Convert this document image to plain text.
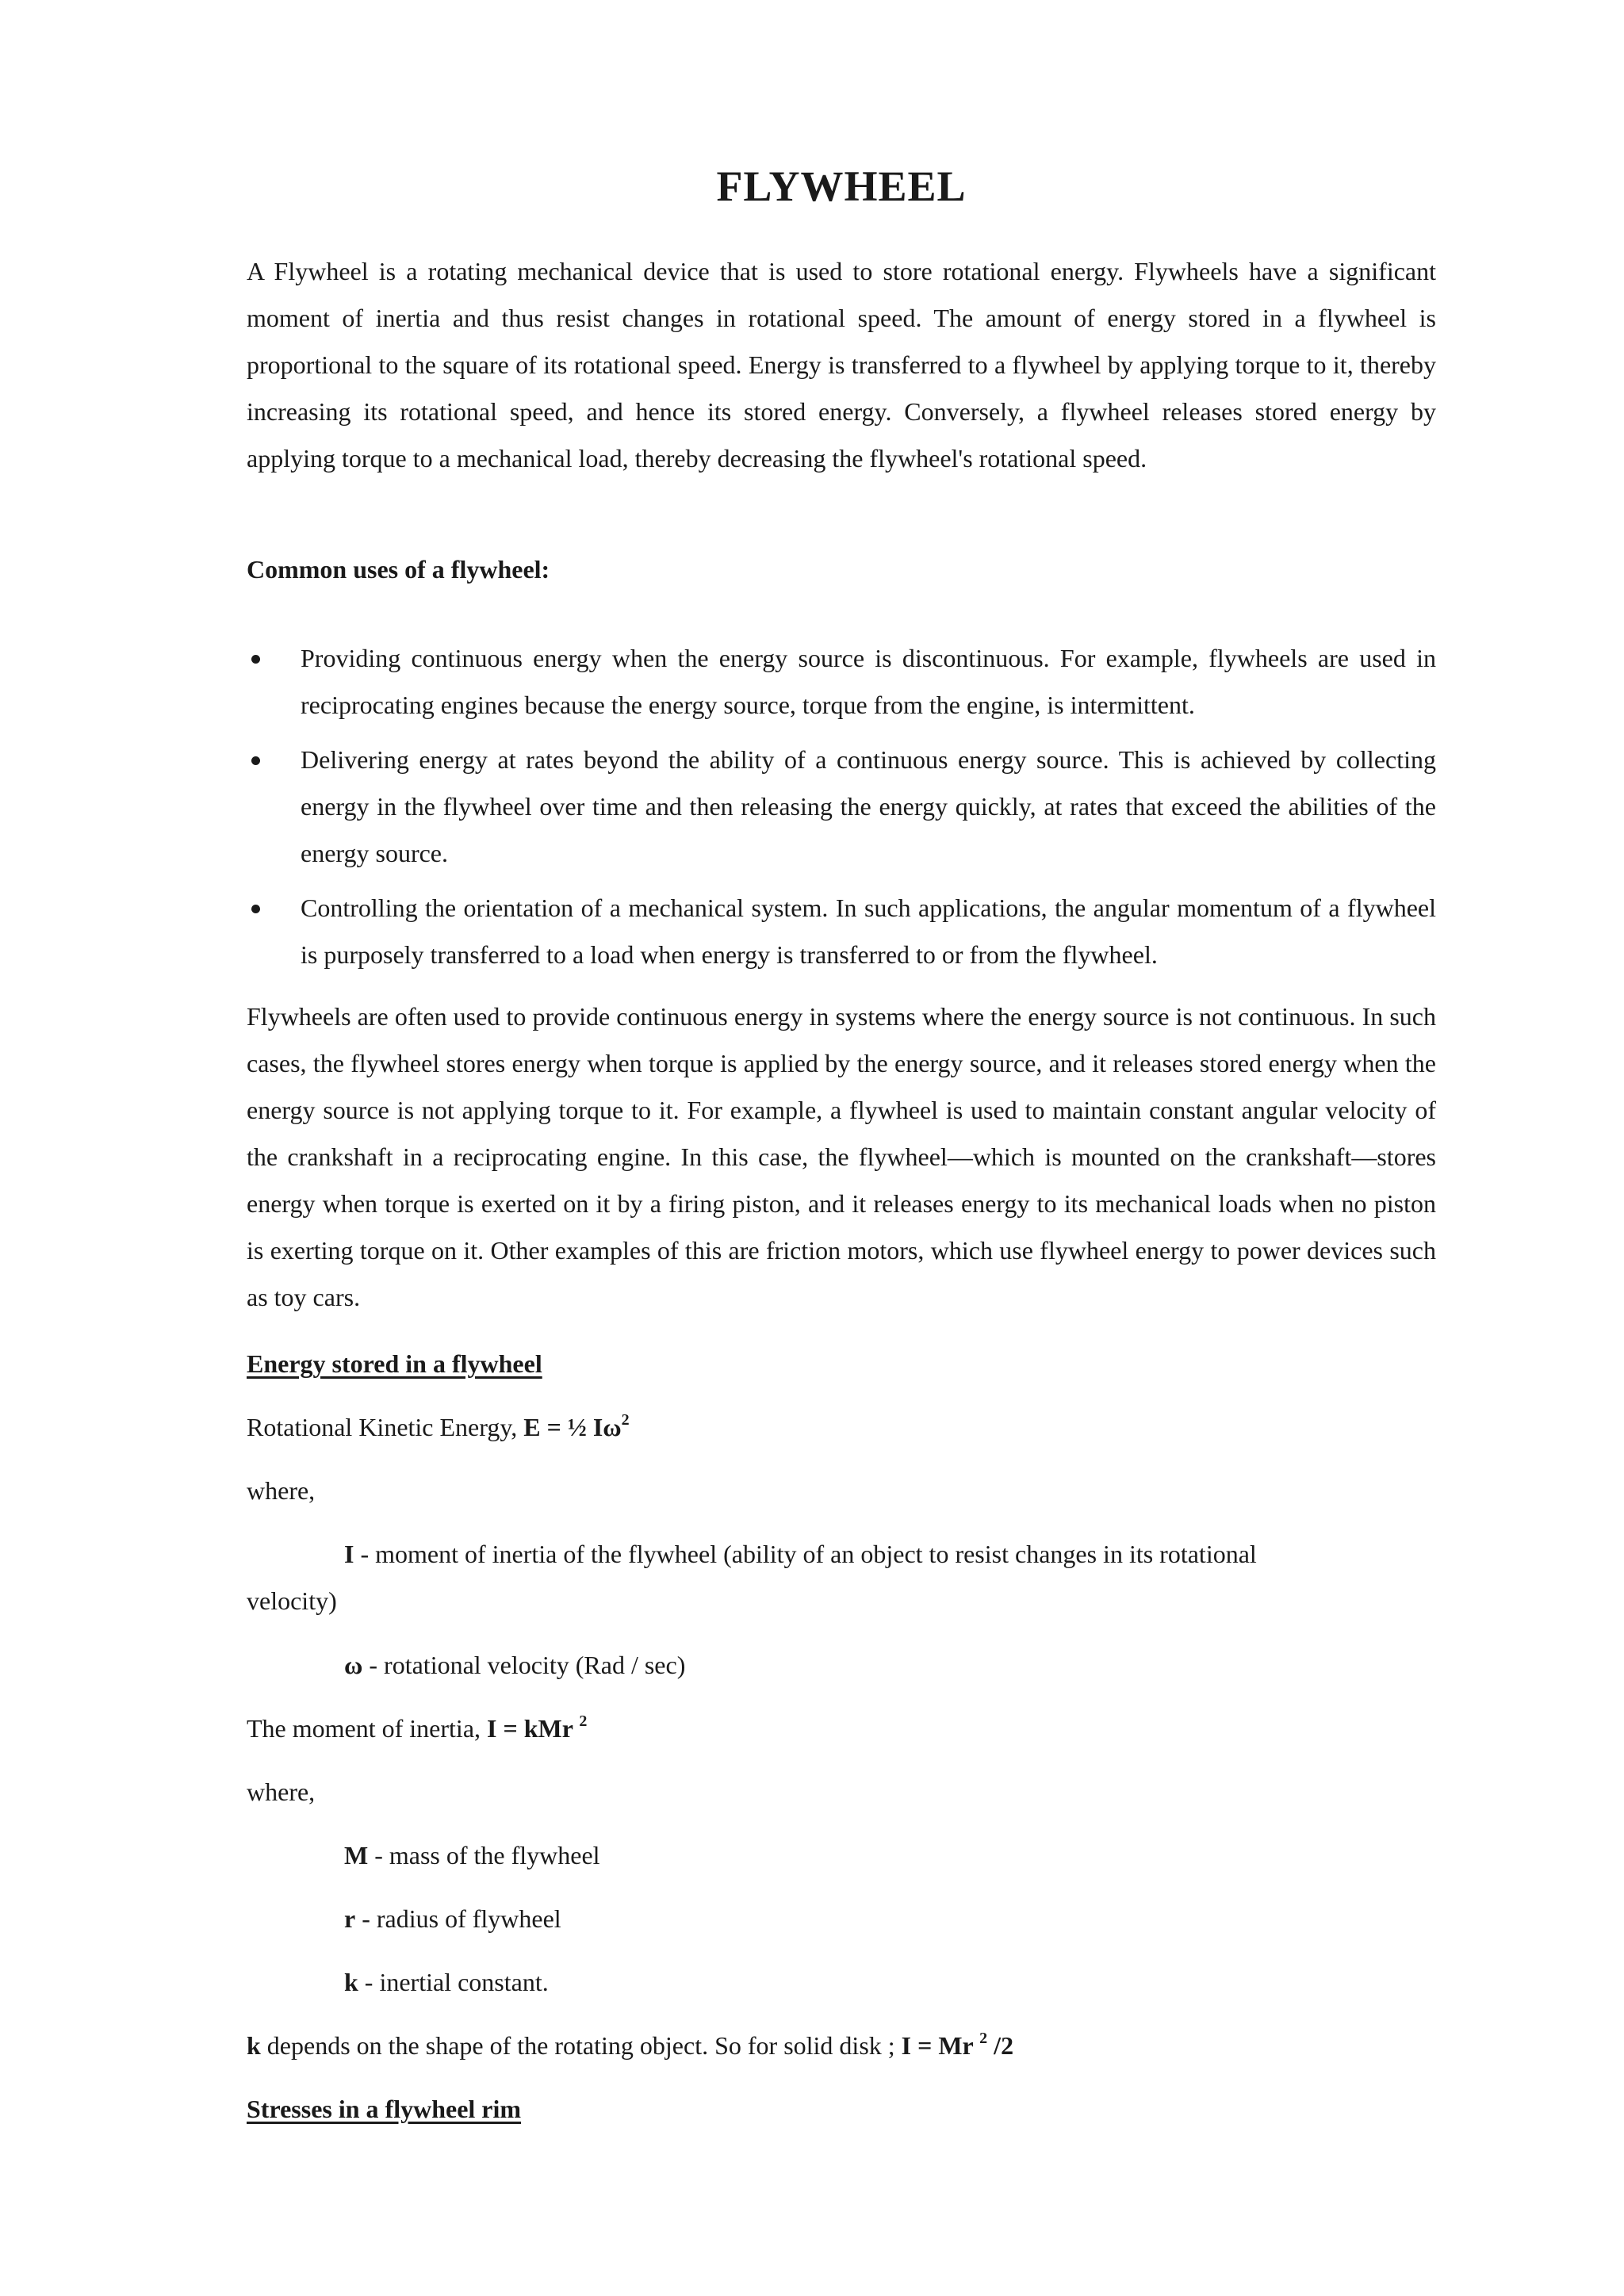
FLYWHEEL

A Flywheel is a rotating mechanical device that is used to store rotational energy. Flywheels have a significant moment of inertia and thus resist changes in rotational speed. The amount of energy stored in a flywheel is proportional to the square of its rotational speed. Energy is transferred to a flywheel by applying torque to it, thereby increasing its rotational speed, and hence its stored energy. Conversely, a flywheel releases stored energy by applying torque to a mechanical load, thereby decreasing the flywheel's rotational speed.

Common uses of a flywheel:
Providing continuous energy when the energy source is discontinuous. For example, flywheels are used in reciprocating engines because the energy source, torque from the engine, is intermittent.
Delivering energy at rates beyond the ability of a continuous energy source. This is achieved by collecting energy in the flywheel over time and then releasing the energy quickly, at rates that exceed the abilities of the energy source.
Controlling the orientation of a mechanical system. In such applications, the angular momentum of a flywheel is purposely transferred to a load when energy is transferred to or from the flywheel.

Flywheels are often used to provide continuous energy in systems where the energy source is not continuous. In such cases, the flywheel stores energy when torque is applied by the energy source, and it releases stored energy when the energy source is not applying torque to it. For example, a flywheel is used to maintain constant angular velocity of the crankshaft in a reciprocating engine. In this case, the flywheel—which is mounted on the crankshaft—stores energy when torque is exerted on it by a firing piston, and it releases energy to its mechanical loads when no piston is exerting torque on it. Other examples of this are friction motors, which use flywheel energy to power devices such as toy cars.

Energy stored in a flywheel
Rotational Kinetic Energy, E = ½ $I\omega^2$
where,
I - moment of inertia of the flywheel (ability of an object to resist changes in its rotational
velocity)
ω - rotational velocity (Rad / sec)
The moment of inertia, I = kMr $^2$
where,
M - mass of the flywheel
r - radius of flywheel
k - inertial constant.
k depends on the shape of the rotating object. So for solid disk ; I = Mr $^2$ /2
Stresses in a flywheel rim
